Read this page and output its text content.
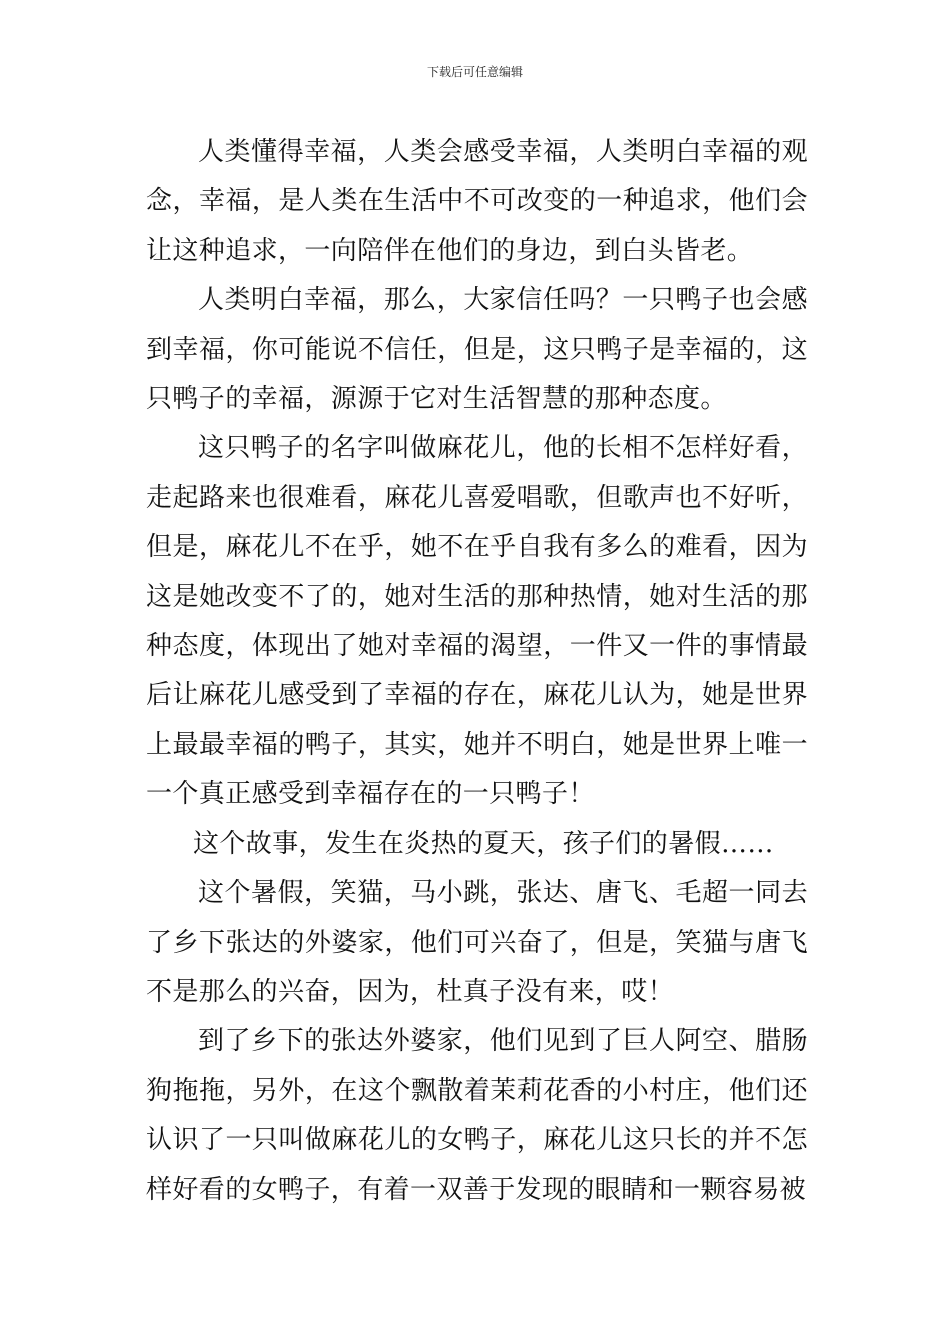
下载后可任意编辑

人类懂得幸福，人类会感受幸福，人类明白幸福的观念，幸福，是人类在生活中不可改变的一种追求，他们会让这种追求，一向陪伴在他们的身边，到白头皆老。

人类明白幸福，那么，大家信任吗？一只鸭子也会感到幸福，你可能说不信任，但是，这只鸭子是幸福的，这只鸭子的幸福，源源于它对生活智慧的那种态度。

这只鸭子的名字叫做麻花儿，他的长相不怎样好看，走起路来也很难看，麻花儿喜爱唱歌，但歌声也不好听，但是，麻花儿不在乎，她不在乎自我有多么的难看，因为这是她改变不了的，她对生活的那种热情，她对生活的那种态度，体现出了她对幸福的渴望，一件又一件的事情最后让麻花儿感受到了幸福的存在，麻花儿认为，她是世界上最最幸福的鸭子，其实，她并不明白，她是世界上唯一一个真正感受到幸福存在的一只鸭子！

这个故事，发生在炎热的夏天，孩子们的暑假……

这个暑假，笑猫，马小跳，张达、唐飞、毛超一同去了乡下张达的外婆家，他们可兴奋了，但是，笑猫与唐飞不是那么的兴奋，因为，杜真子没有来，哎！

到了乡下的张达外婆家，他们见到了巨人阿空、腊肠狗拖拖，另外，在这个飘散着茉莉花香的小村庄，他们还认识了一只叫做麻花儿的女鸭子，麻花儿这只长的并不怎样好看的女鸭子，有着一双善于发现的眼睛和一颗容易被
